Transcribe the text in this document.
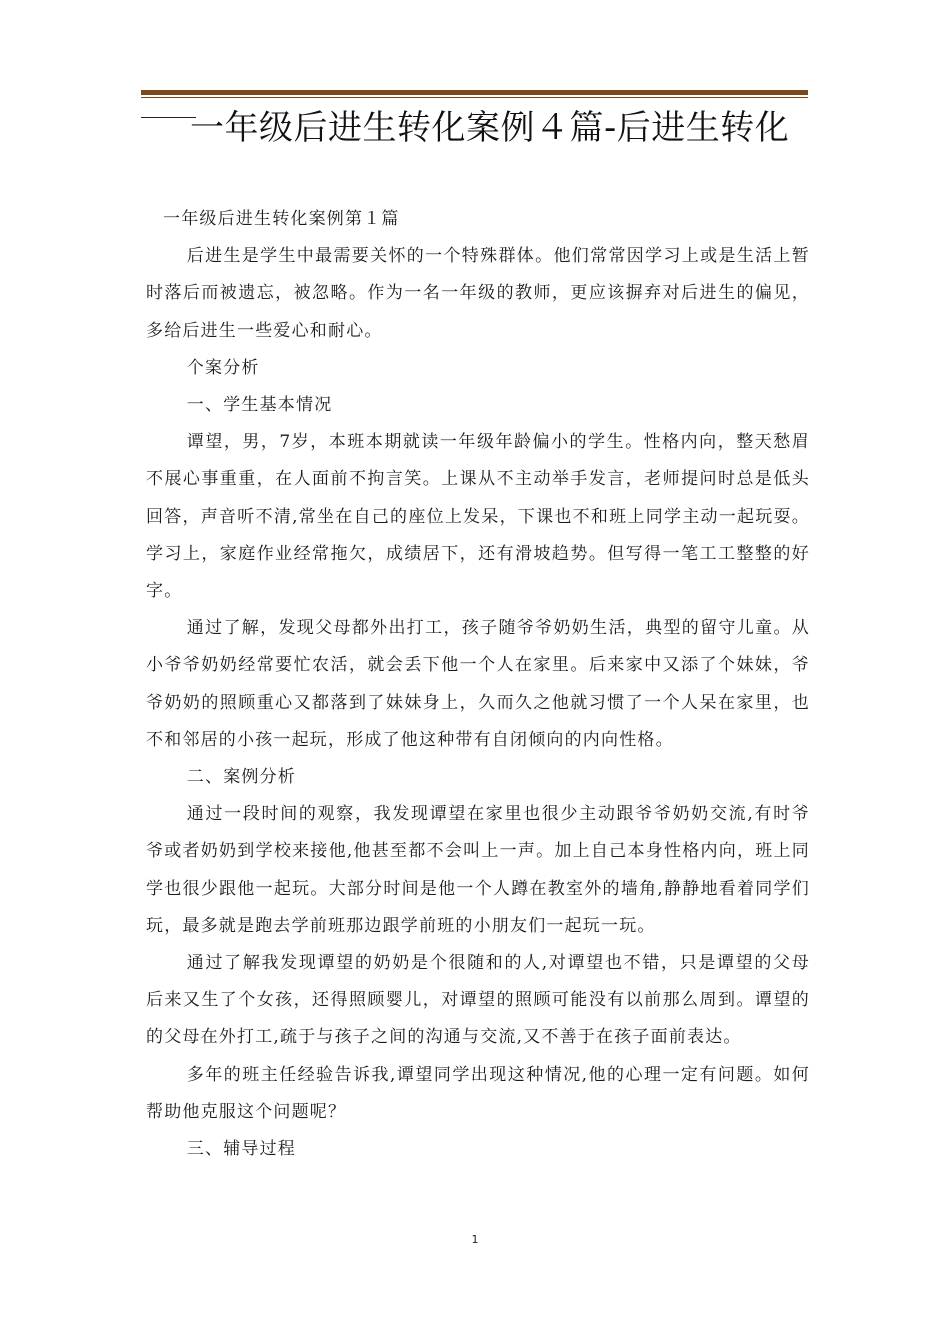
一年级后进生转化案例４篇-后进生转化

一年级后进生转化案例第１篇

后进生是学生中最需要关怀的一个特殊群体。他们常常因学习上或是生活上暂时落后而被遗忘，被忽略。作为一名一年级的教师，更应该摒弃对后进生的偏见，多给后进生一些爱心和耐心。

个案分析

一、学生基本情况

谭望，男，7岁，本班本期就读一年级年龄偏小的学生。性格内向，整天愁眉不展心事重重，在人面前不拘言笑。上课从不主动举手发言，老师提问时总是低头回答，声音听不清,常坐在自己的座位上发呆，下课也不和班上同学主动一起玩耍。学习上，家庭作业经常拖欠，成绩居下，还有滑坡趋势。但写得一笔工工整整的好字。

通过了解，发现父母都外出打工，孩子随爷爷奶奶生活，典型的留守儿童。从小爷爷奶奶经常要忙农活，就会丢下他一个人在家里。后来家中又添了个妹妹，爷爷奶奶的照顾重心又都落到了妹妹身上，久而久之他就习惯了一个人呆在家里，也不和邻居的小孩一起玩，形成了他这种带有自闭倾向的内向性格。

二、案例分析

通过一段时间的观察，我发现谭望在家里也很少主动跟爷爷奶奶交流,有时爷爷或者奶奶到学校来接他,他甚至都不会叫上一声。加上自己本身性格内向，班上同学也很少跟他一起玩。大部分时间是他一个人蹲在教室外的墙角,静静地看着同学们玩，最多就是跑去学前班那边跟学前班的小朋友们一起玩一玩。

通过了解我发现谭望的奶奶是个很随和的人,对谭望也不错，只是谭望的父母后来又生了个女孩，还得照顾婴儿，对谭望的照顾可能没有以前那么周到。谭望的的父母在外打工,疏于与孩子之间的沟通与交流,又不善于在孩子面前表达。

多年的班主任经验告诉我,谭望同学出现这种情况,他的心理一定有问题。如何帮助他克服这个问题呢？

三、辅导过程

1
